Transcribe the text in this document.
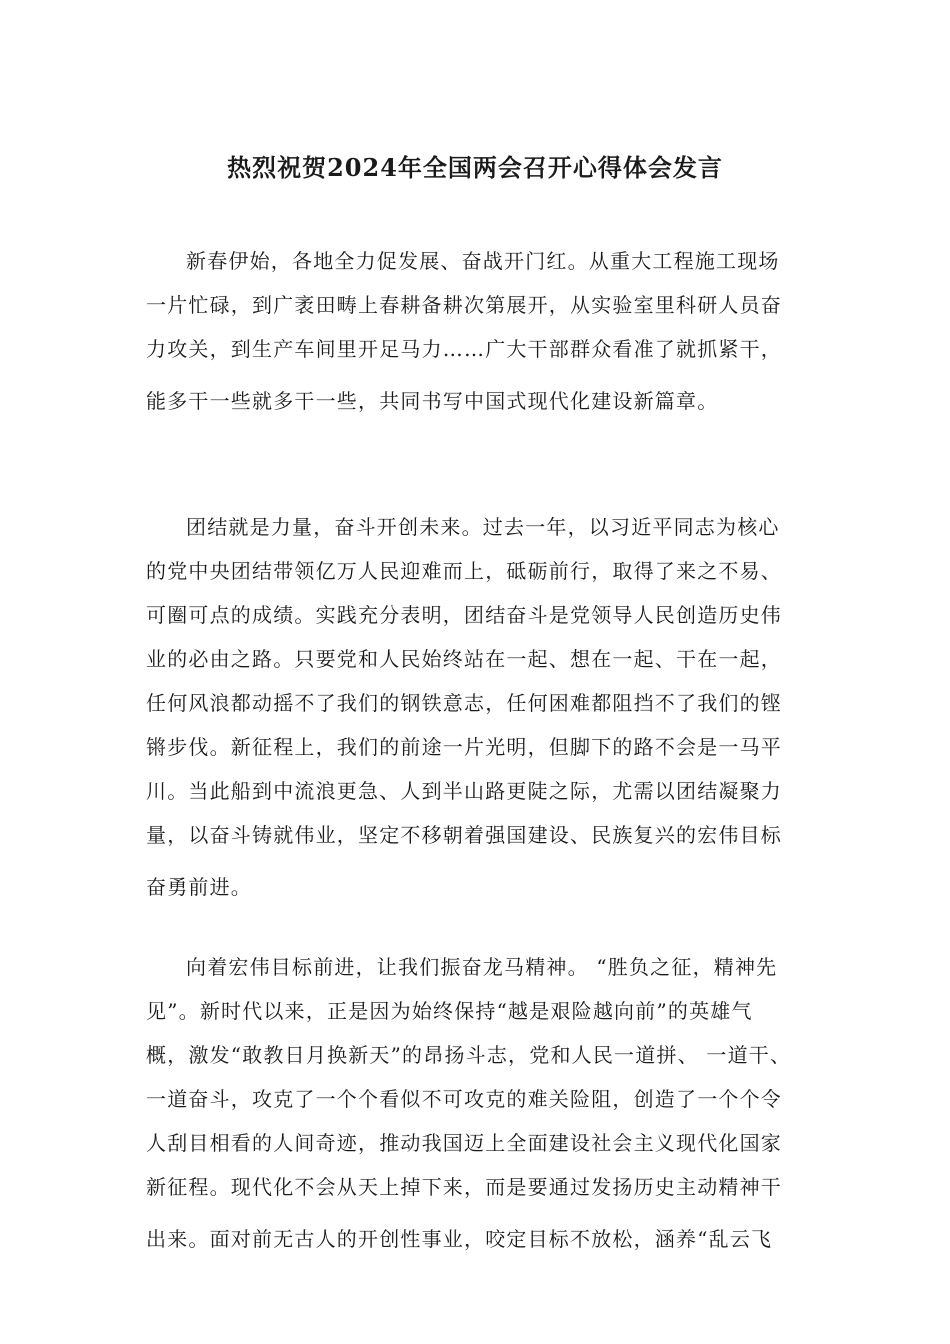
热烈祝贺2024年全国两会召开心得体会发言
新春伊始，各地全力促发展、奋战开门红。从重大工程施工现场
一片忙碌，到广袤田畴上春耕备耕次第展开，从实验室里科研人员奋
力攻关，到生产车间里开足马力……广大干部群众看准了就抓紧干，
能多干一些就多干一些，共同书写中国式现代化建设新篇章。
团结就是力量，奋斗开创未来。过去一年，以习近平同志为核心
的党中央团结带领亿万人民迎难而上，砥砺前行，取得了来之不易、
可圈可点的成绩。实践充分表明，团结奋斗是党领导人民创造历史伟
业的必由之路。只要党和人民始终站在一起、想在一起、干在一起，
任何风浪都动摇不了我们的钢铁意志，任何困难都阻挡不了我们的铿
锵步伐。新征程上，我们的前途一片光明，但脚下的路不会是一马平
川。当此船到中流浪更急、人到半山路更陡之际，尤需以团结凝聚力
量，以奋斗铸就伟业，坚定不移朝着强国建设、民族复兴的宏伟目标
奋勇前进。
向着宏伟目标前进，让我们振奋龙马精神。 “胜负之征，精神先
见”。新时代以来，正是因为始终保持“越是艰险越向前”的英雄气
概，激发“敢教日月换新天”的昂扬斗志，党和人民一道拼、 一道干、
一道奋斗，攻克了一个个看似不可攻克的难关险阻，创造了一个个令
人刮目相看的人间奇迹，推动我国迈上全面建设社会主义现代化国家
新征程。现代化不会从天上掉下来，而是要通过发扬历史主动精神干
出来。面对前无古人的开创性事业，咬定目标不放松，涵养“乱云飞
